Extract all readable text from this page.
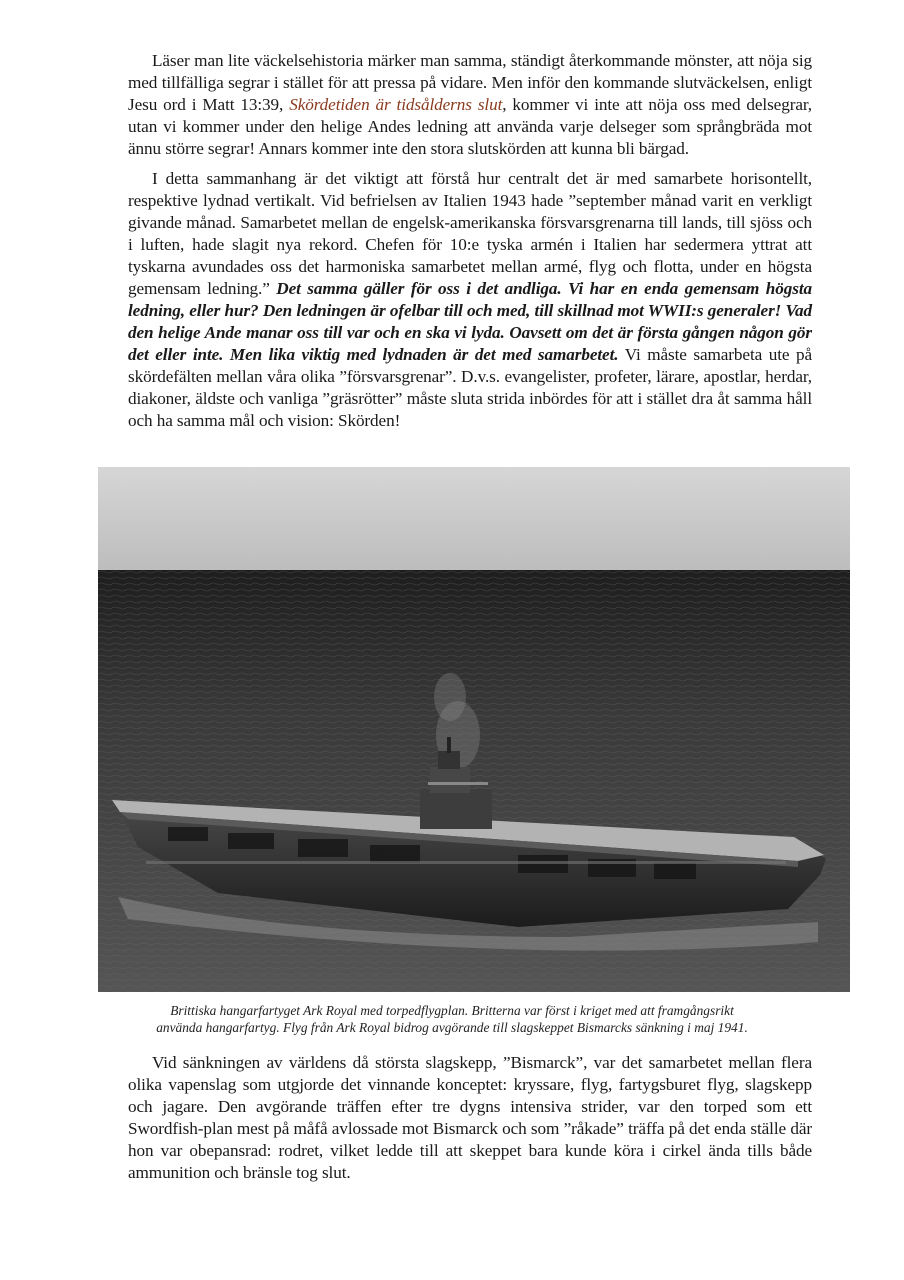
Läser man lite väckelsehistoria märker man samma, ständigt återkommande mönster, att nöja sig med tillfälliga segrar i stället för att pressa på vidare. Men inför den kommande slutväckelsen, enligt Jesu ord i Matt 13:39, Skördetiden är tidsålderns slut, kommer vi inte att nöja oss med delsegrar, utan vi kommer under den helige Andes ledning att använda varje delseger som språngbräda mot ännu större segrar! Annars kommer inte den stora slutskörden att kunna bli bärgad.

I detta sammanhang är det viktigt att förstå hur centralt det är med samarbete horisontellt, respektive lydnad vertikalt. Vid befrielsen av Italien 1943 hade ”september månad varit en verkligt givande månad. Samarbetet mellan de engelsk-amerikanska försvarsgrenarna till lands, till sjöss och i luften, hade slagit nya rekord. Chefen för 10:e tyska armén i Italien har sedermera yttrat att tyskarna avundades oss det harmoniska samarbetet mellan armé, flyg och flotta, under en högsta gemensam ledning.” Det samma gäller för oss i det andliga. Vi har en enda gemensam högsta ledning, eller hur? Den ledningen är ofelbar till och med, till skillnad mot WWII:s generaler! Vad den helige Ande manar oss till var och en ska vi lyda. Oavsett om det är första gången någon gör det eller inte. Men lika viktig med lydnaden är det med samarbetet. Vi måste samarbeta ute på skördefälten mellan våra olika ”försvarsgrenar”. D.v.s. evangelister, profeter, lärare, apostlar, herdar, diakoner, äldste och vanliga ”gräsrötter” måste sluta strida inbördes för att i stället dra åt samma håll och ha samma mål och vision: Skörden!

Brittiska hangarfartyget Ark Royal med torpedflygplan. Britterna var först i kriget med att framgångsrikt
använda hangarfartyg. Flyg från Ark Royal bidrog avgörande till slagskeppet Bismarcks sänkning i maj 1941.

Vid sänkningen av världens då största slagskepp, ”Bismarck”, var det samarbetet mellan flera olika vapenslag som utgjorde det vinnande konceptet: kryssare, flyg, fartygsburet flyg, slagskepp och jagare. Den avgörande träffen efter tre dygns intensiva strider, var den torped som ett Swordfish-plan mest på måfå avlossade mot Bismarck och som ”råkade” träffa på det enda ställe där hon var obepansrad: rodret, vilket ledde till att skeppet bara kunde köra i cirkel ända tills både ammunition och bränsle tog slut.
